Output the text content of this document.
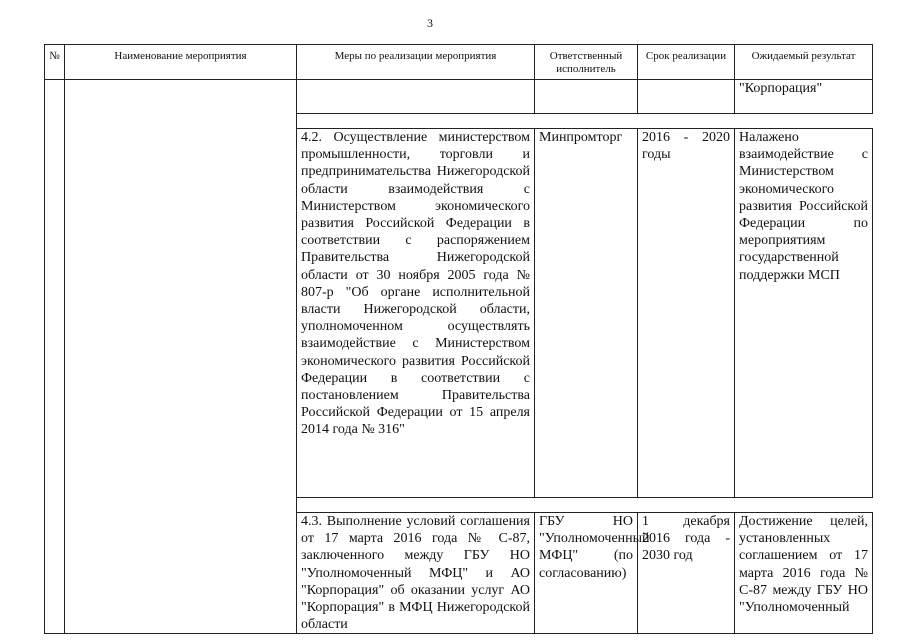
3
№	Наименование мероприятия	Меры по реализации мероприятия	Ответственный исполнитель	Срок реализации	Ожидаемый результат
					"Корпорация"

		4.2. Осуществление министерством промышленности, торговли и предпринимательства Нижегородской области взаимодействия с Министерством экономического развития Российской Федерации в соответствии с распоряжением Правительства Нижегородской области от 30 ноября 2005 года № 807-р "Об органе исполнительной власти Нижегородской области, уполномоченном осуществлять взаимодействие с Министерством экономического развития Российской Федерации в соответствии с постановлением Правительства Российской Федерации от 15 апреля 2014 года № 316"	Минпромторг	2016 - 2020 годы	Налажено взаимодействие с Министерством экономического развития Российской Федерации по мероприятиям государственной поддержки МСП

		4.3. Выполнение условий соглашения от 17 марта 2016 года № С-87, заключенного между ГБУ НО "Уполномоченный МФЦ" и АО "Корпорация" об оказании услуг АО "Корпорация" в МФЦ Нижегородской области	ГБУ НО "Уполномоченный МФЦ" (по согласованию)	1 декабря 2016 года - 2030 год	Достижение целей, установленных соглашением от 17 марта 2016 года № С-87 между ГБУ НО "Уполномоченный
